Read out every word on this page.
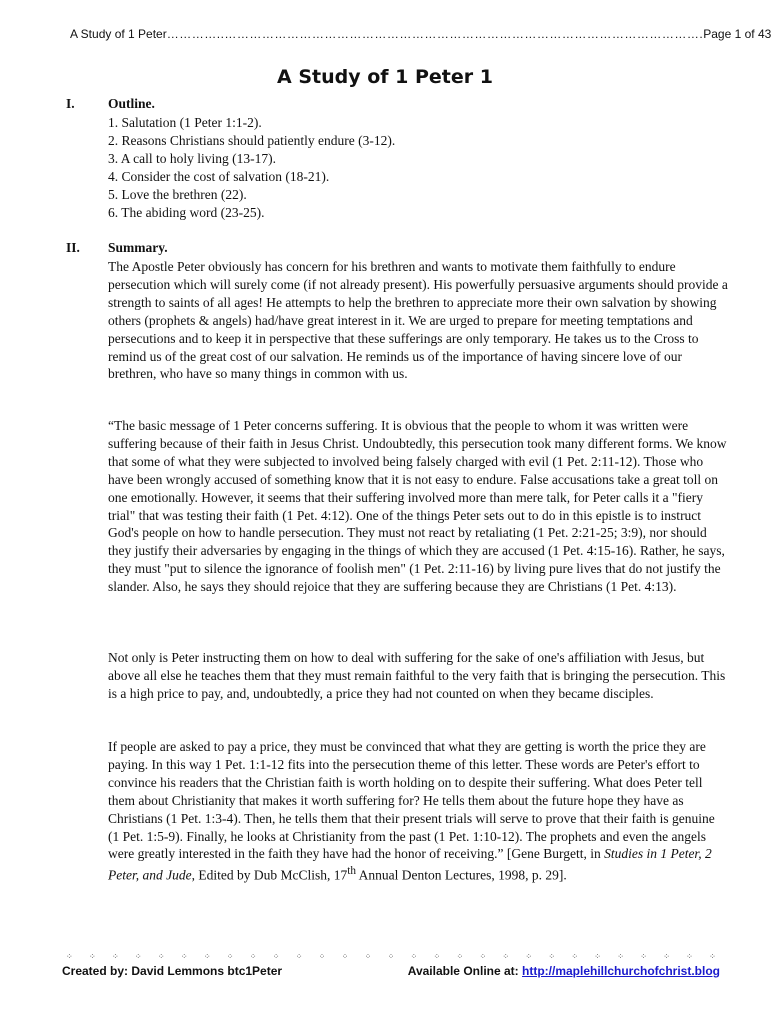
A Study of 1 Peter …………..……………………………………………………………………………………………………. Page 1 of 43
A Study of 1 Peter 1
I. Outline.
1. Salutation (1 Peter 1:1-2).
2. Reasons Christians should patiently endure (3-12).
3. A call to holy living (13-17).
4. Consider the cost of salvation (18-21).
5. Love the brethren (22).
6. The abiding word (23-25).
II. Summary.

The Apostle Peter obviously has concern for his brethren and wants to motivate them faithfully to endure persecution which will surely come (if not already present). His powerfully persuasive arguments should provide a strength to saints of all ages! He attempts to help the brethren to appreciate more their own salvation by showing others (prophets & angels) had/have great interest in it. We are urged to prepare for meeting temptations and persecutions and to keep it in perspective that these sufferings are only temporary. He takes us to the Cross to remind us of the great cost of our salvation. He reminds us of the importance of having sincere love of our brethren, who have so many things in common with us.

“The basic message of 1 Peter concerns suffering. It is obvious that the people to whom it was written were suffering because of their faith in Jesus Christ. Undoubtedly, this persecution took many different forms. We know that some of what they were subjected to involved being falsely charged with evil (1 Pet. 2:11-12). Those who have been wrongly accused of something know that it is not easy to endure. False accusations take a great toll on one emotionally. However, it seems that their suffering involved more than mere talk, for Peter calls it a "fiery trial" that was testing their faith (1 Pet. 4:12). One of the things Peter sets out to do in this epistle is to instruct God's people on how to handle persecution. They must not react by retaliating (1 Pet. 2:21-25; 3:9), nor should they justify their adversaries by engaging in the things of which they are accused (1 Pet. 4:15-16). Rather, he says, they must "put to silence the ignorance of foolish men" (1 Pet. 2:11-16) by living pure lives that do not justify the slander. Also, he says they should rejoice that they are suffering because they are Christians (1 Pet. 4:13).

Not only is Peter instructing them on how to deal with suffering for the sake of one's affiliation with Jesus, but above all else he teaches them that they must remain faithful to the very faith that is bringing the persecution. This is a high price to pay, and, undoubtedly, a price they had not counted on when they became disciples.

If people are asked to pay a price, they must be convinced that what they are getting is worth the price they are paying. In this way 1 Pet. 1:1-12 fits into the persecution theme of this letter. These words are Peter's effort to convince his readers that the Christian faith is worth holding on to despite their suffering. What does Peter tell them about Christianity that makes it worth suffering for? He tells them about the future hope they have as Christians (1 Pet. 1:3-4). Then, he tells them that their present trials will serve to prove that their faith is genuine (1 Pet. 1:5-9). Finally, he looks at Christianity from the past (1 Pet. 1:10-12). The prophets and even the angels were greatly interested in the faith they have had the honor of receiving.” [Gene Burgett, in Studies in 1 Peter, 2 Peter, and Jude, Edited by Dub McClish, 17th Annual Denton Lectures, 1998, p. 29].

⁘ ⁘ ⁘ ⁘ ⁘ ⁘ ⁘ ⁘ ⁘ ⁘ ⁘ ⁘ ⁘ ⁘ ⁘ ⁘ ⁘ ⁘ ⁘ ⁘ ⁘ ⁘ ⁘ ⁘ ⁘ ⁘ ⁘ ⁘ ⁘
Created by: David Lemmons btc1Peter	Available Online at: http://maplehillchurchofchrist.blog
